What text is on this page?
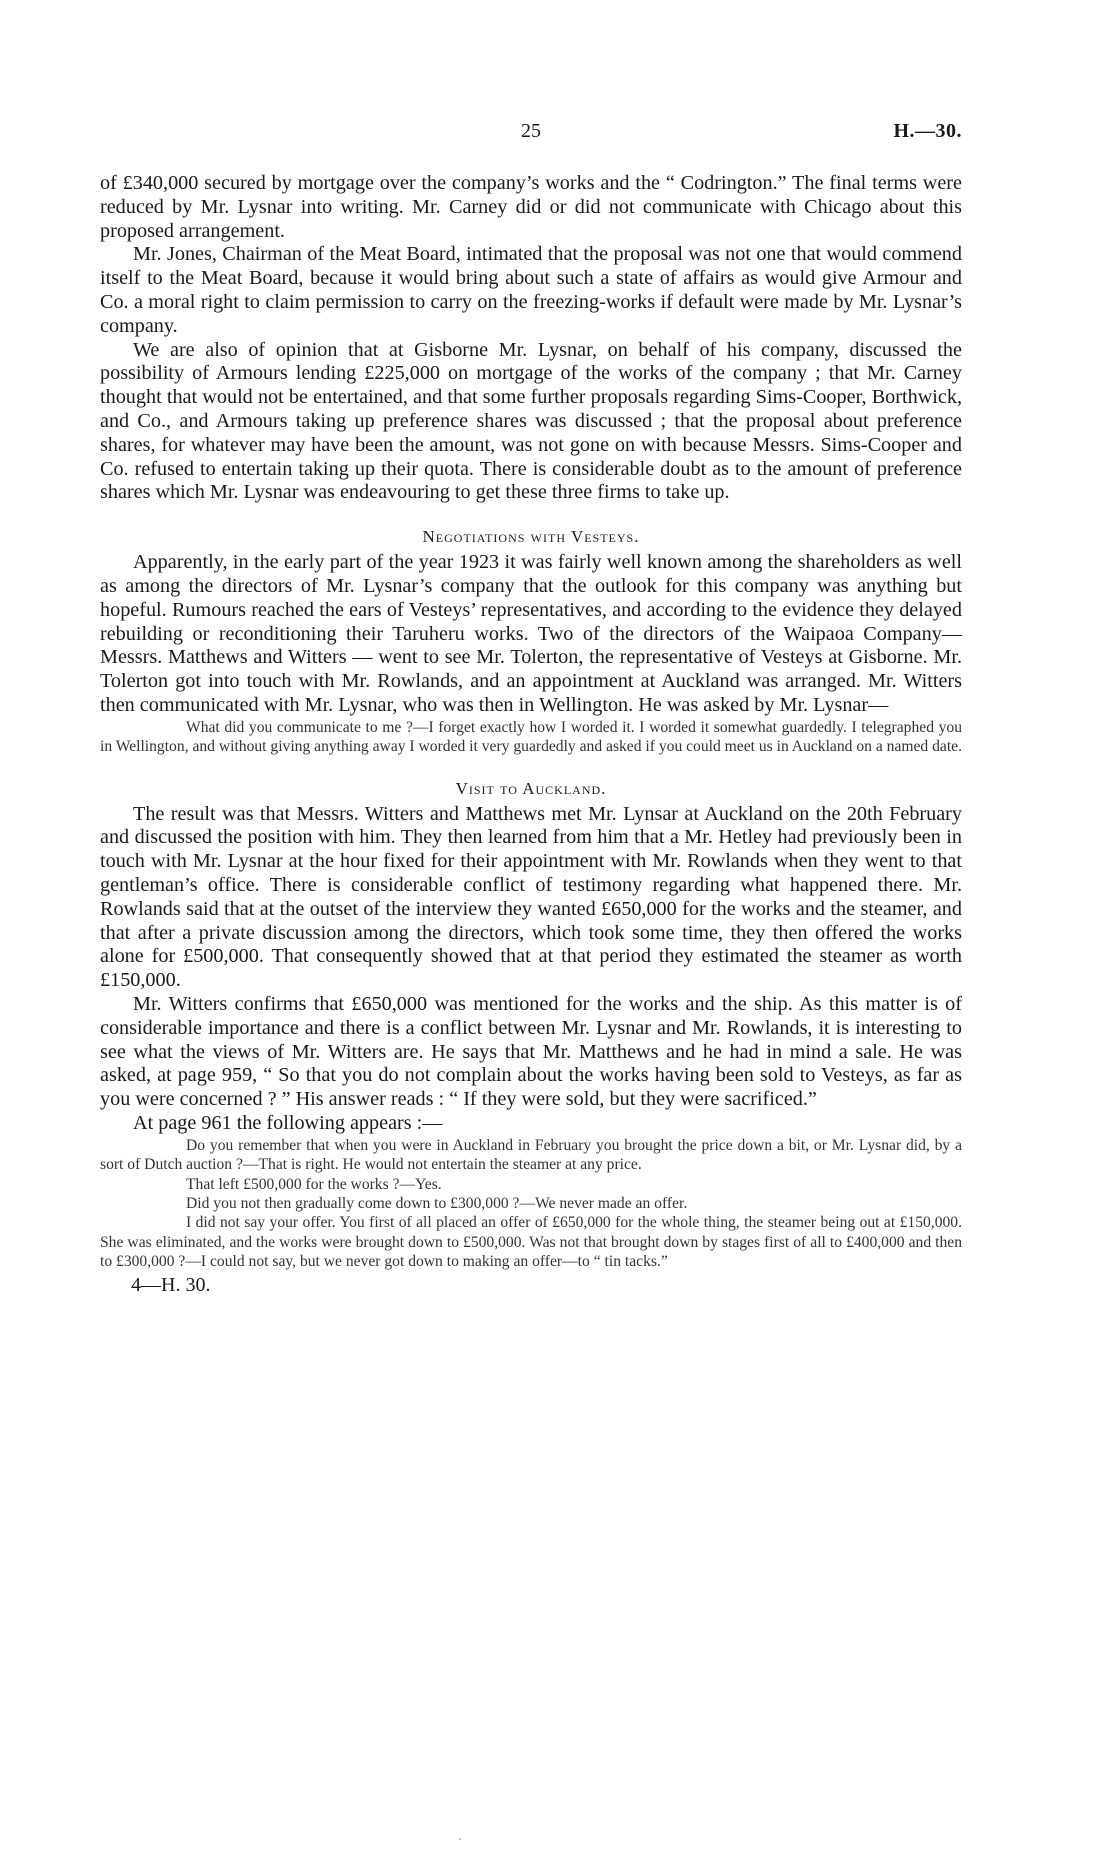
25	H.—30.

of £340,000 secured by mortgage over the company’s works and the “ Codrington.” The final terms were reduced by Mr. Lysnar into writing. Mr. Carney did or did not communicate with Chicago about this proposed arrangement.

Mr. Jones, Chairman of the Meat Board, intimated that the proposal was not one that would commend itself to the Meat Board, because it would bring about such a state of affairs as would give Armour and Co. a moral right to claim permission to carry on the freezing-works if default were made by Mr. Lysnar’s company.

We are also of opinion that at Gisborne Mr. Lysnar, on behalf of his company, discussed the possibility of Armours lending £225,000 on mortgage of the works of the company ; that Mr. Carney thought that would not be entertained, and that some further proposals regarding Sims-Cooper, Borthwick, and Co., and Armours taking up preference shares was discussed ; that the proposal about preference shares, for whatever may have been the amount, was not gone on with because Messrs. Sims-Cooper and Co. refused to entertain taking up their quota. There is considerable doubt as to the amount of preference shares which Mr. Lysnar was endeavouring to get these three firms to take up.

Negotiations with Vesteys.

Apparently, in the early part of the year 1923 it was fairly well known among the shareholders as well as among the directors of Mr. Lysnar’s company that the outlook for this company was anything but hopeful. Rumours reached the ears of Vesteys’ representatives, and according to the evidence they delayed rebuilding or reconditioning their Taruheru works. Two of the directors of the Waipaoa Company—Messrs. Matthews and Witters — went to see Mr. Tolerton, the representative of Vesteys at Gisborne. Mr. Tolerton got into touch with Mr. Rowlands, and an appointment at Auckland was arranged. Mr. Witters then communicated with Mr. Lysnar, who was then in Wellington. He was asked by Mr. Lysnar—

What did you communicate to me ?—I forget exactly how I worded it. I worded it somewhat guardedly. I telegraphed you in Wellington, and without giving anything away I worded it very guardedly and asked if you could meet us in Auckland on a named date.

Visit to Auckland.

The result was that Messrs. Witters and Matthews met Mr. Lynsar at Auckland on the 20th February and discussed the position with him. They then learned from him that a Mr. Hetley had previously been in touch with Mr. Lysnar at the hour fixed for their appointment with Mr. Rowlands when they went to that gentleman’s office. There is considerable conflict of testimony regarding what happened there. Mr. Rowlands said that at the outset of the interview they wanted £650,000 for the works and the steamer, and that after a private discussion among the directors, which took some time, they then offered the works alone for £500,000. That consequently showed that at that period they estimated the steamer as worth £150,000.

Mr. Witters confirms that £650,000 was mentioned for the works and the ship. As this matter is of considerable importance and there is a conflict between Mr. Lysnar and Mr. Rowlands, it is interesting to see what the views of Mr. Witters are. He says that Mr. Matthews and he had in mind a sale. He was asked, at page 959, “ So that you do not complain about the works having been sold to Vesteys, as far as you were concerned ? ” His answer reads : “ If they were sold, but they were sacrificed.”

At page 961 the following appears :—

Do you remember that when you were in Auckland in February you brought the price down a bit, or Mr. Lysnar did, by a sort of Dutch auction ?—That is right. He would not entertain the steamer at any price.

That left £500,000 for the works ?—Yes.

Did you not then gradually come down to £300,000 ?—We never made an offer.

I did not say your offer. You first of all placed an offer of £650,000 for the whole thing, the steamer being out at £150,000. She was eliminated, and the works were brought down to £500,000. Was not that brought down by stages first of all to £400,000 and then to £300,000 ?—I could not say, but we never got down to making an offer—to “ tin tacks.”

4—H. 30.
